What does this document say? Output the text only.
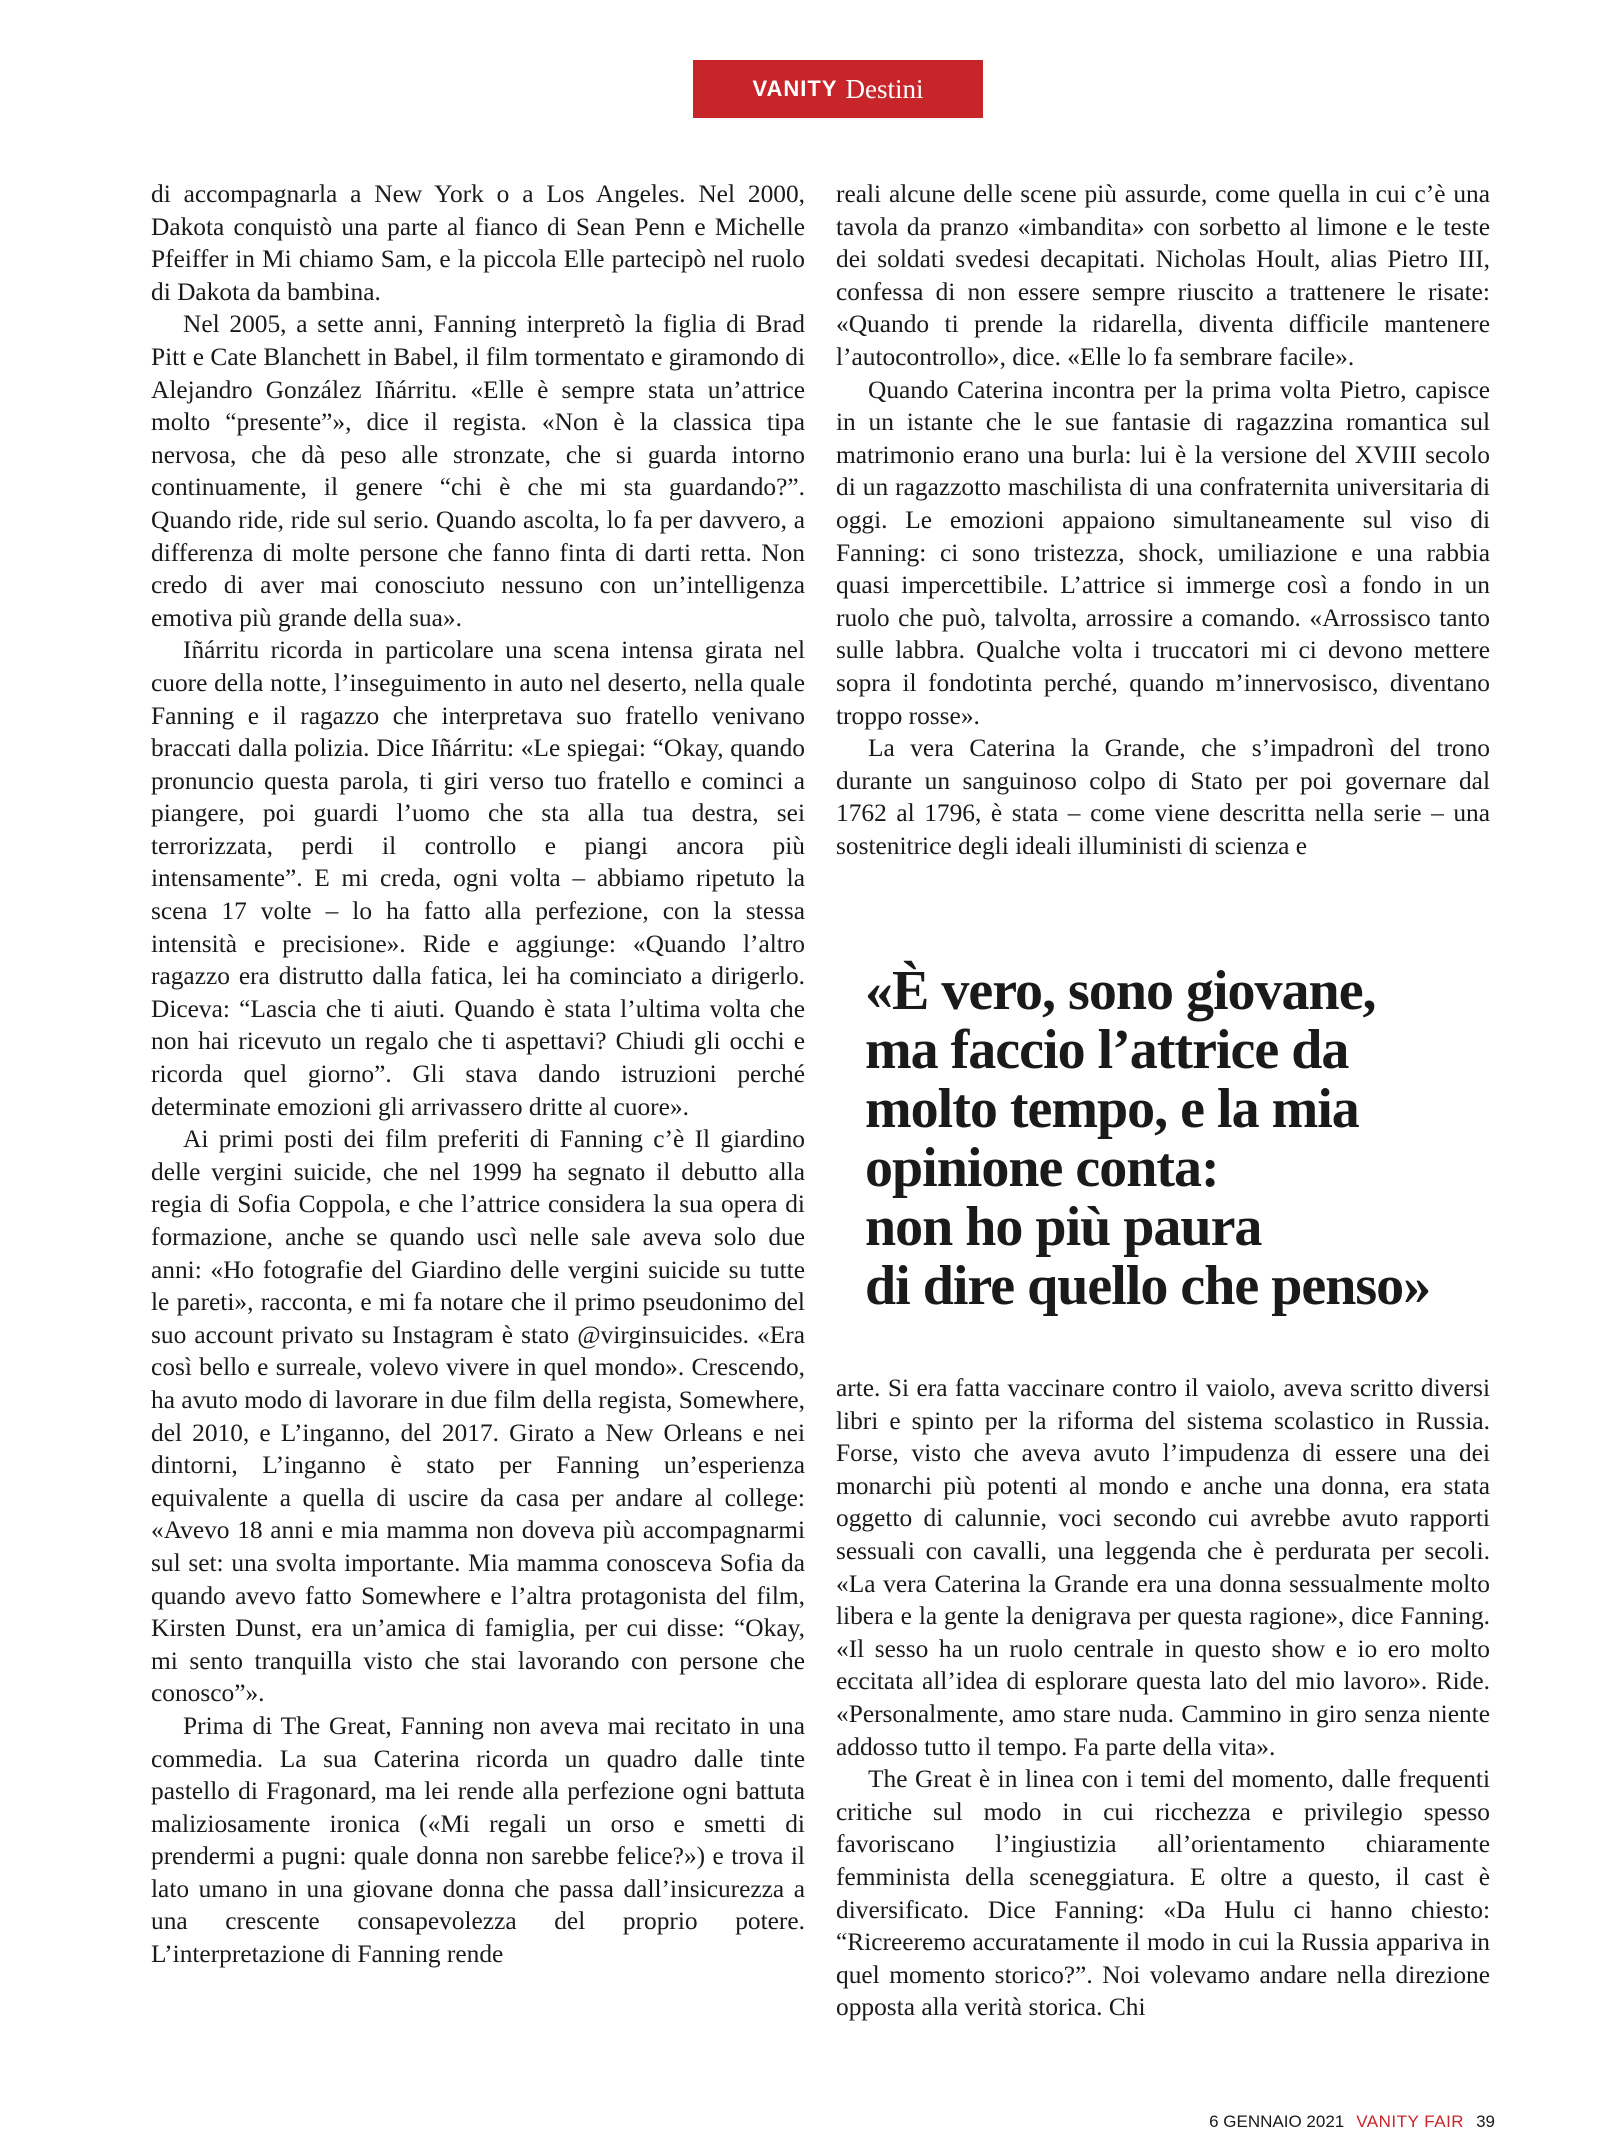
VANITY Destini

di accompagnarla a New York o a Los Angeles. Nel 2000, Dakota conquistò una parte al fianco di Sean Penn e Michelle Pfeiffer in Mi chiamo Sam, e la piccola Elle partecipò nel ruolo di Dakota da bambina.

Nel 2005, a sette anni, Fanning interpretò la figlia di Brad Pitt e Cate Blanchett in Babel, il film tormentato e giramondo di Alejandro González Iñárritu. «Elle è sempre stata un’attrice molto “presente”», dice il regista. «Non è la classica tipa nervosa, che dà peso alle stronzate, che si guarda intorno continuamente, il genere “chi è che mi sta guardando?”. Quando ride, ride sul serio. Quando ascolta, lo fa per davvero, a differenza di molte persone che fanno finta di darti retta. Non credo di aver mai conosciuto nessuno con un’intelligenza emotiva più grande della sua».

Iñárritu ricorda in particolare una scena intensa girata nel cuore della notte, l’inseguimento in auto nel deserto, nella quale Fanning e il ragazzo che interpretava suo fratello venivano braccati dalla polizia. Dice Iñárritu: «Le spiegai: “Okay, quando pronuncio questa parola, ti giri verso tuo fratello e cominci a piangere, poi guardi l’uomo che sta alla tua destra, sei terrorizzata, perdi il controllo e piangi ancora più intensamente”. E mi creda, ogni volta – abbiamo ripetuto la scena 17 volte – lo ha fatto alla perfezione, con la stessa intensità e precisione». Ride e aggiunge: «Quando l’altro ragazzo era distrutto dalla fatica, lei ha cominciato a dirigerlo. Diceva: “Lascia che ti aiuti. Quando è stata l’ultima volta che non hai ricevuto un regalo che ti aspettavi? Chiudi gli occhi e ricorda quel giorno”. Gli stava dando istruzioni perché determinate emozioni gli arrivassero dritte al cuore».

Ai primi posti dei film preferiti di Fanning c’è Il giardino delle vergini suicide, che nel 1999 ha segnato il debutto alla regia di Sofia Coppola, e che l’attrice considera la sua opera di formazione, anche se quando uscì nelle sale aveva solo due anni: «Ho fotografie del Giardino delle vergini suicide su tutte le pareti», racconta, e mi fa notare che il primo pseudonimo del suo account privato su Instagram è stato @virginsuicides. «Era così bello e surreale, volevo vivere in quel mondo». Crescendo, ha avuto modo di lavorare in due film della regista, Somewhere, del 2010, e L’inganno, del 2017. Girato a New Orleans e nei dintorni, L’inganno è stato per Fanning un’esperienza equivalente a quella di uscire da casa per andare al college: «Avevo 18 anni e mia mamma non doveva più accompagnarmi sul set: una svolta importante. Mia mamma conosceva Sofia da quando avevo fatto Somewhere e l’altra protagonista del film, Kirsten Dunst, era un’amica di famiglia, per cui disse: “Okay, mi sento tranquilla visto che stai lavorando con persone che conosco”».

Prima di The Great, Fanning non aveva mai recitato in una commedia. La sua Caterina ricorda un quadro dalle tinte pastello di Fragonard, ma lei rende alla perfezione ogni battuta maliziosamente ironica («Mi regali un orso e smetti di prendermi a pugni: quale donna non sarebbe felice?») e trova il lato umano in una giovane donna che passa dall’insicurezza a una crescente consapevolezza del proprio potere. L’interpretazione di Fanning rende

reali alcune delle scene più assurde, come quella in cui c’è una tavola da pranzo «imbandita» con sorbetto al limone e le teste dei soldati svedesi decapitati. Nicholas Hoult, alias Pietro III, confessa di non essere sempre riuscito a trattenere le risate: «Quando ti prende la ridarella, diventa difficile mantenere l’autocontrollo», dice. «Elle lo fa sembrare facile».

Quando Caterina incontra per la prima volta Pietro, capisce in un istante che le sue fantasie di ragazzina romantica sul matrimonio erano una burla: lui è la versione del XVIII secolo di un ragazzotto maschilista di una confraternita universitaria di oggi. Le emozioni appaiono simultaneamente sul viso di Fanning: ci sono tristezza, shock, umiliazione e una rabbia quasi impercettibile. L’attrice si immerge così a fondo in un ruolo che può, talvolta, arrossire a comando. «Arrossisco tanto sulle labbra. Qualche volta i truccatori mi ci devono mettere sopra il fondotinta perché, quando m’innervosisco, diventano troppo rosse».

La vera Caterina la Grande, che s’impadronì del trono durante un sanguinoso colpo di Stato per poi governare dal 1762 al 1796, è stata – come viene descritta nella serie – una sostenitrice degli ideali illuministi di scienza e

«È vero, sono giovane,
ma faccio l’attrice da
molto tempo, e la mia
opinione conta:
non ho più paura
di dire quello che penso»

arte. Si era fatta vaccinare contro il vaiolo, aveva scritto diversi libri e spinto per la riforma del sistema scolastico in Russia. Forse, visto che aveva avuto l’impudenza di essere una dei monarchi più potenti al mondo e anche una donna, era stata oggetto di calunnie, voci secondo cui avrebbe avuto rapporti sessuali con cavalli, una leggenda che è perdurata per secoli. «La vera Caterina la Grande era una donna sessualmente molto libera e la gente la denigrava per questa ragione», dice Fanning. «Il sesso ha un ruolo centrale in questo show e io ero molto eccitata all’idea di esplorare questa lato del mio lavoro». Ride. «Personalmente, amo stare nuda. Cammino in giro senza niente addosso tutto il tempo. Fa parte della vita».

The Great è in linea con i temi del momento, dalle frequenti critiche sul modo in cui ricchezza e privilegio spesso favoriscano l’ingiustizia all’orientamento chiaramente femminista della sceneggiatura. E oltre a questo, il cast è diversificato. Dice Fanning: «Da Hulu ci hanno chiesto: “Ricreeremo accuratamente il modo in cui la Russia appariva in quel momento storico?”. Noi volevamo andare nella direzione opposta alla verità storica. Chi

6 GENNAIO 2021 VANITY FAIR 39
